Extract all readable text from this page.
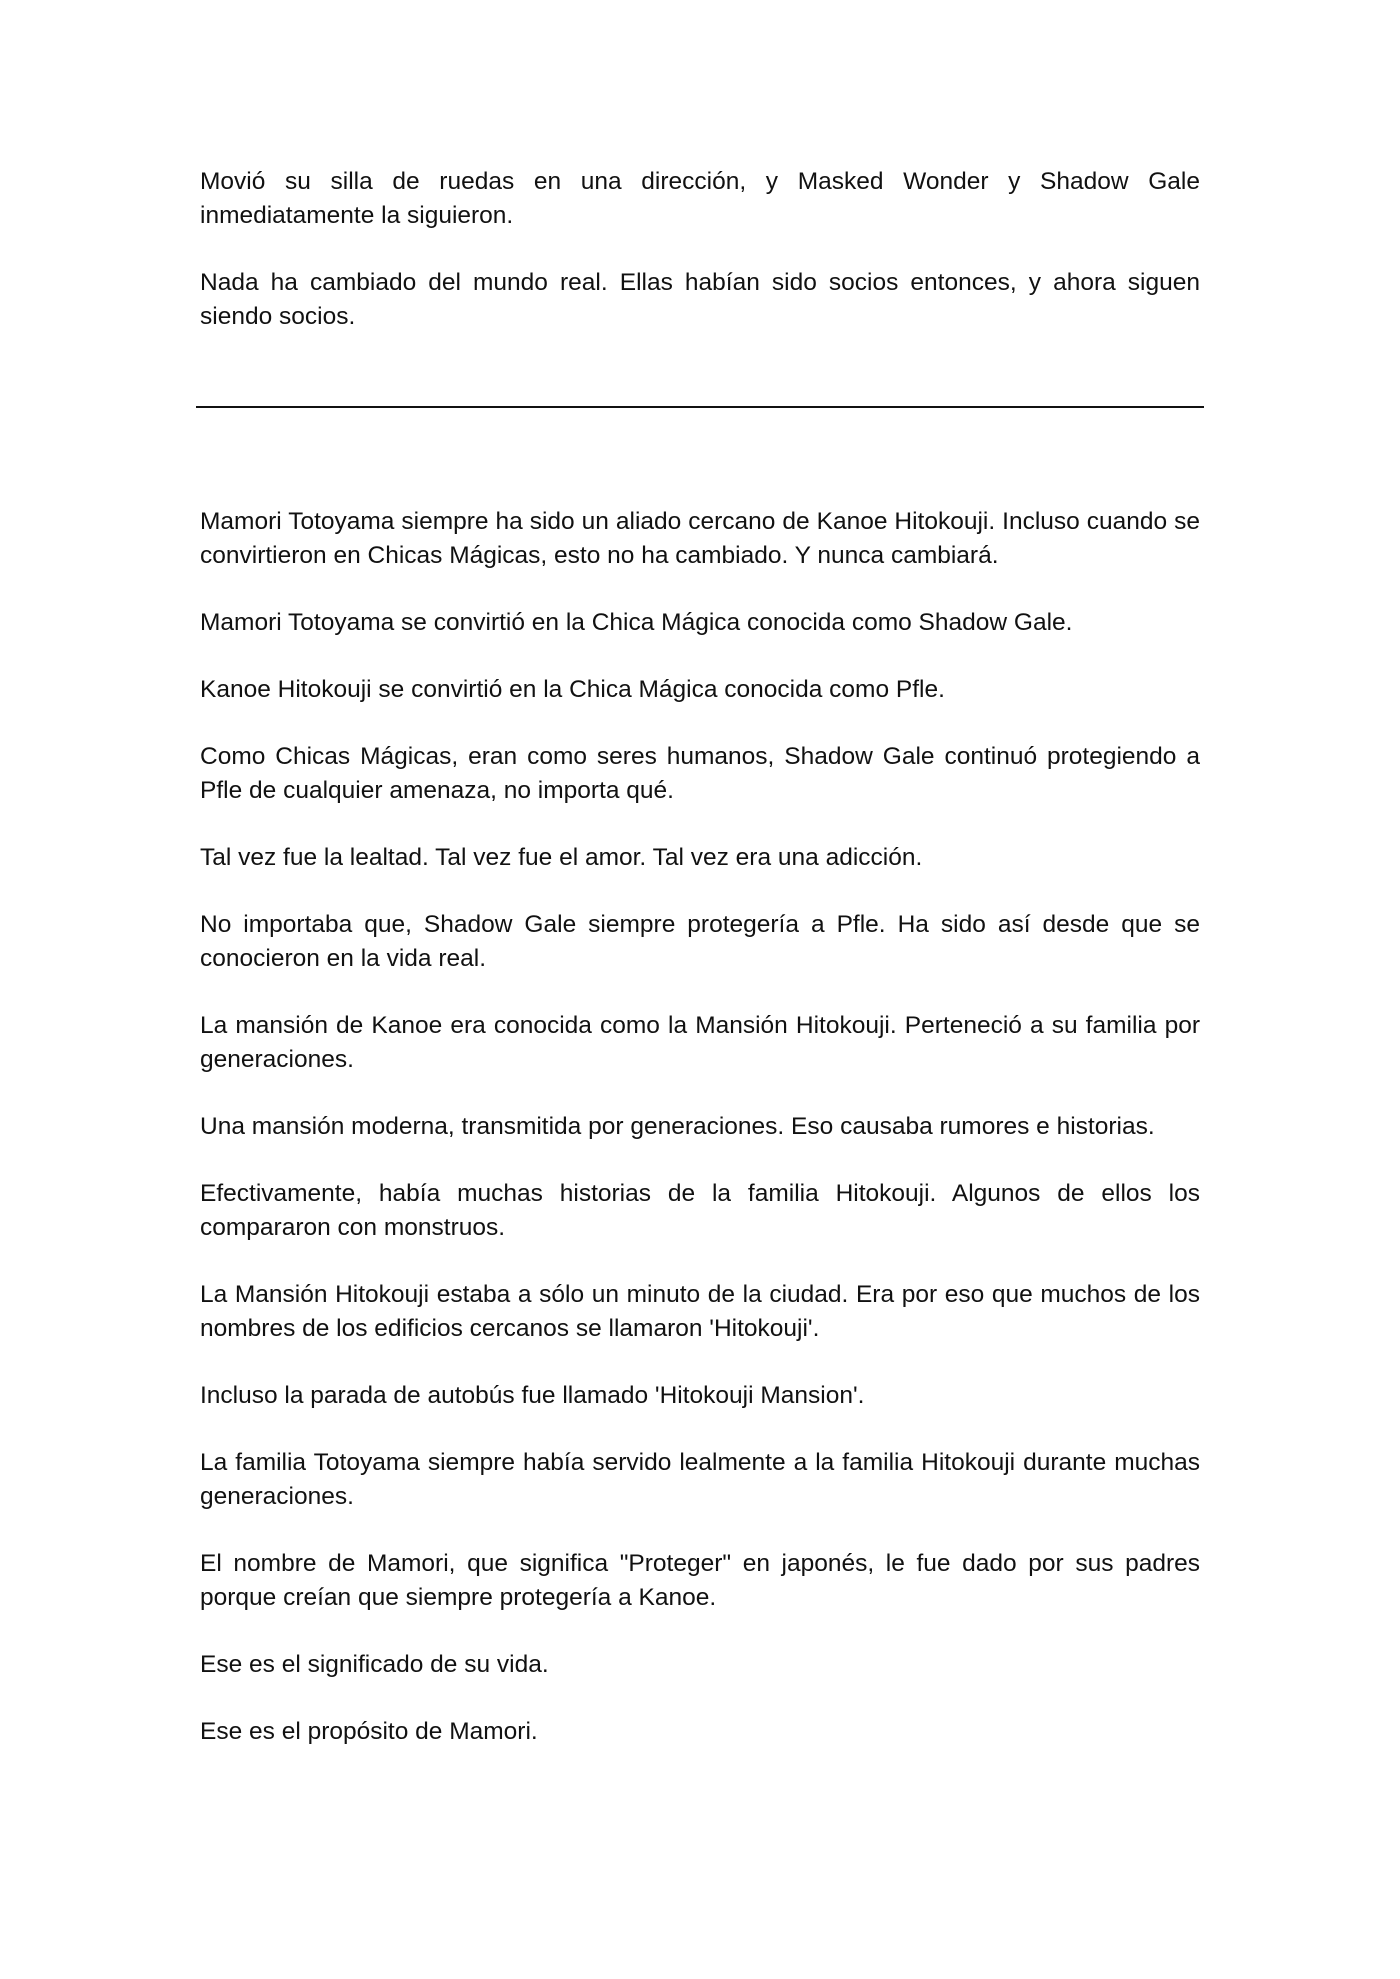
Movió su silla de ruedas en una dirección, y Masked Wonder y Shadow Gale inmediatamente la siguieron.

Nada ha cambiado del mundo real. Ellas habían sido socios entonces, y ahora siguen siendo socios.

Mamori Totoyama siempre ha sido un aliado cercano de Kanoe Hitokouji. Incluso cuando se convirtieron en Chicas Mágicas, esto no ha cambiado. Y nunca cambiará.

Mamori Totoyama se convirtió en la Chica Mágica conocida como Shadow Gale.

Kanoe Hitokouji se convirtió en la Chica Mágica conocida como Pfle.

Como Chicas Mágicas, eran como seres humanos, Shadow Gale continuó protegiendo a Pfle de cualquier amenaza, no importa qué.

Tal vez fue la lealtad. Tal vez fue el amor. Tal vez era una adicción.

No importaba que, Shadow Gale siempre protegería a Pfle. Ha sido así desde que se conocieron en la vida real.

La mansión de Kanoe era conocida como la Mansión Hitokouji. Perteneció a su familia por generaciones.

Una mansión moderna, transmitida por generaciones. Eso causaba rumores e historias.

Efectivamente, había muchas historias de la familia Hitokouji. Algunos de ellos los compararon con monstruos.

La Mansión Hitokouji estaba a sólo un minuto de la ciudad. Era por eso que muchos de los nombres de los edificios cercanos se llamaron 'Hitokouji'.

Incluso la parada de autobús fue llamado 'Hitokouji Mansion'.

La familia Totoyama siempre había servido lealmente a la familia Hitokouji durante muchas generaciones.

El nombre de Mamori, que significa "Proteger" en japonés, le fue dado por sus padres porque creían que siempre protegería a Kanoe.

Ese es el significado de su vida.

Ese es el propósito de Mamori.
